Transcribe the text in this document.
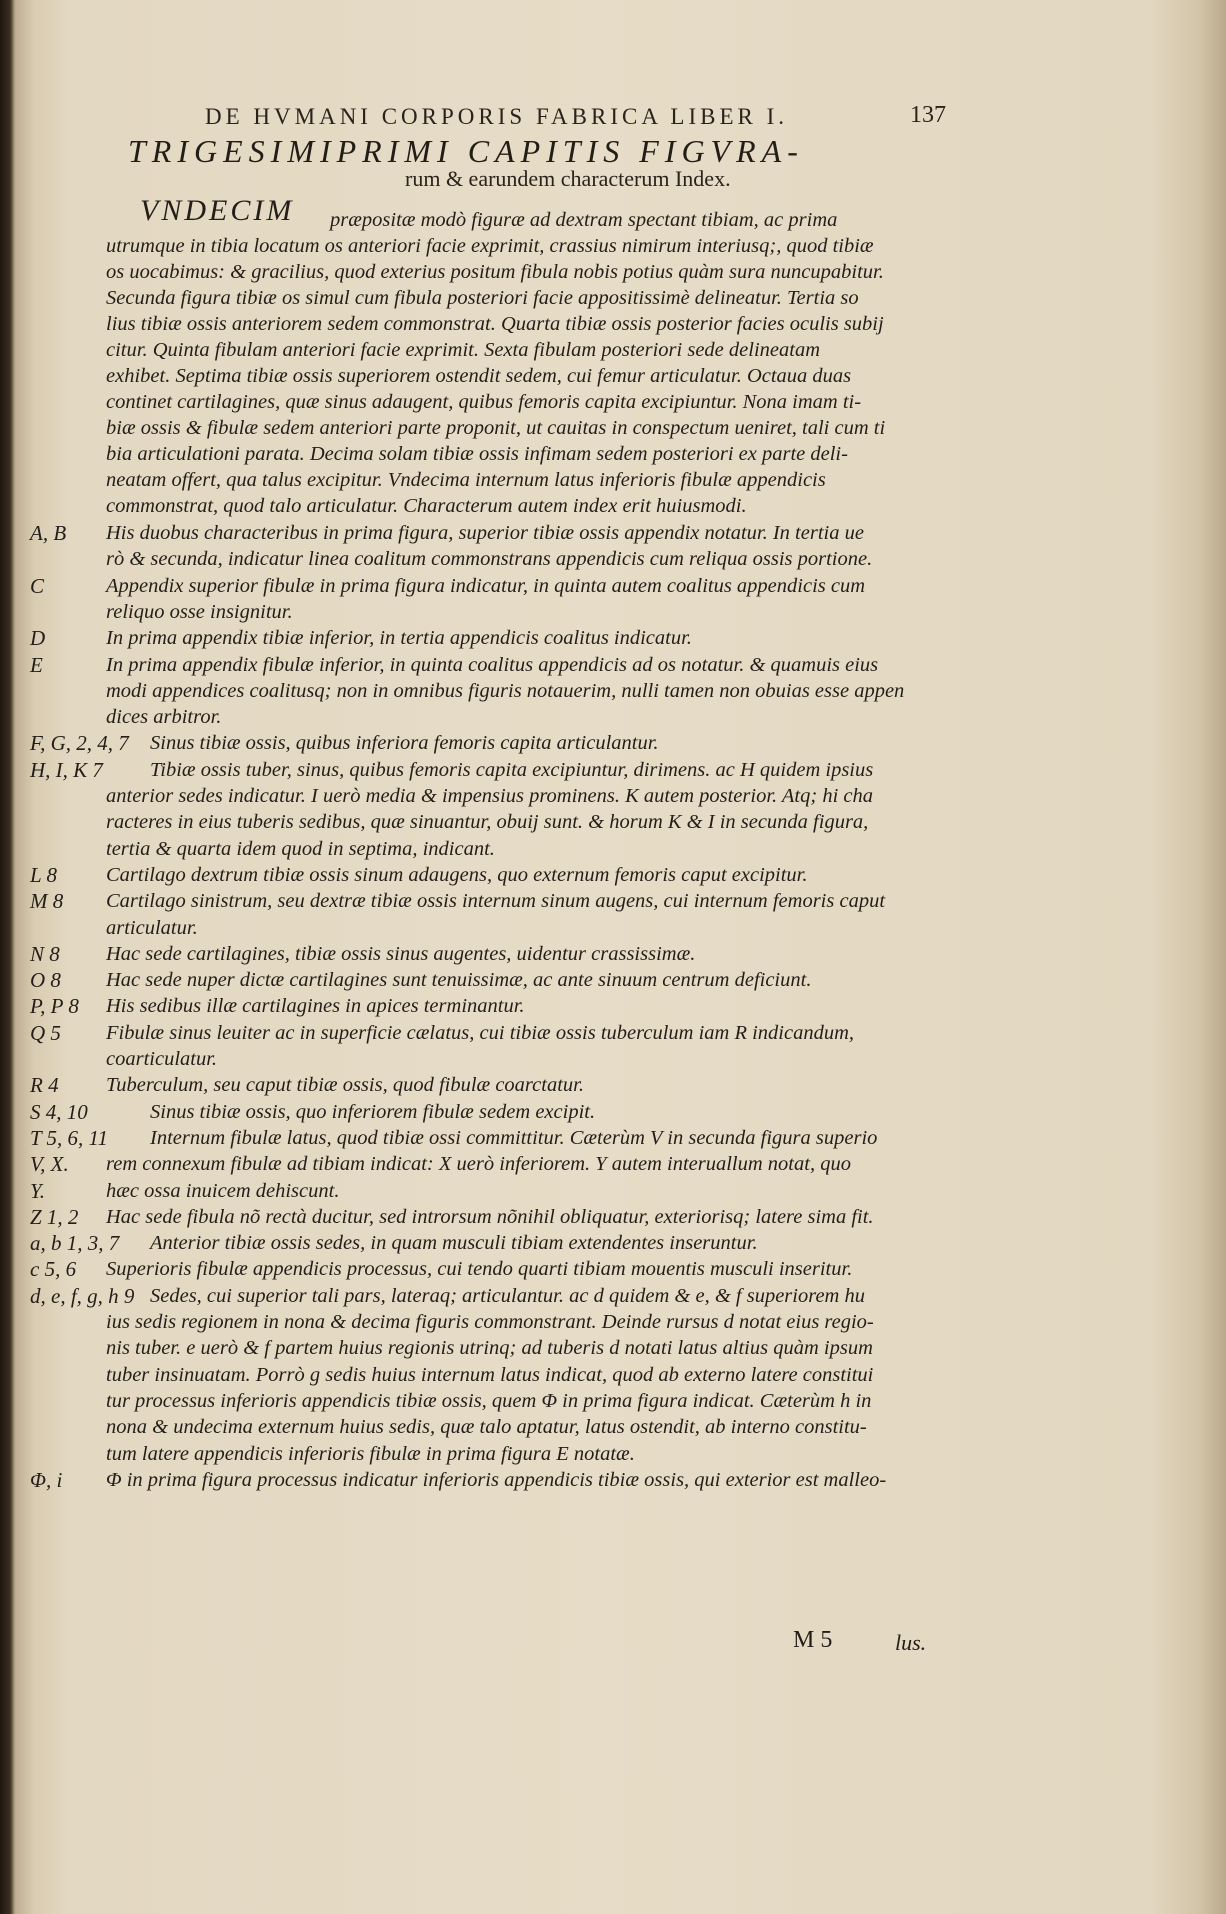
DE HVMANI CORPORIS FABRICA LIBER I.	137
TRIGESIMIPRIMI CAPITIS FIGVRA-
rum & earundem characterum Index.
VNDECIM præpositæ modò figuræ ad dextram spectant tibiam, ac prima
utrumque in tibia locatum os anteriori facie exprimit, crassius nimirum interiusq;, quod tibiæ
os uocabimus: & gracilius, quod exterius positum fibula nobis potius quàm sura nuncupabitur.
Secunda figura tibiæ os simul cum fibula posteriori facie appositissimè delineatur. Tertia so
lius tibiæ ossis anteriorem sedem commonstrat. Quarta tibiæ ossis posterior facies oculis subij
citur. Quinta fibulam anteriori facie exprimit. Sexta fibulam posteriori sede delineatam
exhibet. Septima tibiæ ossis superiorem ostendit sedem, cui femur articulatur. Octaua duas
continet cartilagines, quæ sinus adaugent, quibus femoris capita excipiuntur. Nona imam ti-
biæ ossis & fibulæ sedem anteriori parte proponit, ut cauitas in conspectum ueniret, tali cum ti
bia articulationi parata. Decima solam tibiæ ossis infimam sedem posteriori ex parte deli-
neatam offert, qua talus excipitur. Vndecima internum latus inferioris fibulæ appendicis
commonstrat, quod talo articulatur. Characterum autem index erit huiusmodi.
A, B	His duobus characteribus in prima figura, superior tibiæ ossis appendix notatur. In tertia ue
rò & secunda, indicatur linea coalitum commonstrans appendicis cum reliqua ossis portione.
C	Appendix superior fibulæ in prima figura indicatur, in quinta autem coalitus appendicis cum
reliquo osse insignitur.
D	In prima appendix tibiæ inferior, in tertia appendicis coalitus indicatur.
E	In prima appendix fibulæ inferior, in quinta coalitus appendicis ad os notatur. & quamuis eius
modi appendices coalitusq; non in omnibus figuris notauerim, nulli tamen non obuias esse appen
dices arbitror.
F, G, 2, 4, 7	Sinus tibiæ ossis, quibus inferiora femoris capita articulantur.
H, I, K 7	Tibiæ ossis tuber, sinus, quibus femoris capita excipiuntur, dirimens. ac H quidem ipsius
anterior sedes indicatur. I uerò media & impensius prominens. K autem posterior. Atq; hi cha
racteres in eius tuberis sedibus, quæ sinuantur, obuij sunt. & horum K & I in secunda figura,
tertia & quarta idem quod in septima, indicant.
L 8	Cartilago dextrum tibiæ ossis sinum adaugens, quo externum femoris caput excipitur.
M 8	Cartilago sinistrum, seu dextræ tibiæ ossis internum sinum augens, cui internum femoris caput
articulatur.
N 8	Hac sede cartilagines, tibiæ ossis sinus augentes, uidentur crassissimæ.
O 8	Hac sede nuper dictæ cartilagines sunt tenuissimæ, ac ante sinuum centrum deficiunt.
P, P 8	His sedibus illæ cartilagines in apices terminantur.
Q 5	Fibulæ sinus leuiter ac in superficie cælatus, cui tibiæ ossis tuberculum iam R indicandum,
coarticulatur.
R 4	Tuberculum, seu caput tibiæ ossis, quod fibulæ coarctatur.
S 4, 10	Sinus tibiæ ossis, quo inferiorem fibulæ sedem excipit.
T 5, 6, 11	Internum fibulæ latus, quod tibiæ ossi committitur. Cæterùm V in secunda figura superio
V, X.	rem connexum fibulæ ad tibiam indicat: X uerò inferiorem. Y autem interuallum notat, quo
Y.	hæc ossa inuicem dehiscunt.
Z 1, 2	Hac sede fibula nõ rectà ducitur, sed introrsum nõnihil obliquatur, exteriorisq; latere sima fit.
a, b 1, 3, 7	Anterior tibiæ ossis sedes, in quam musculi tibiam extendentes inseruntur.
c 5, 6	Superioris fibulæ appendicis processus, cui tendo quarti tibiam mouentis musculi inseritur.
d, e, f, g, h 9 Sedes, cui superior tali pars, lateraq; articulantur. ac d quidem & e, & f superiorem hu
ius sedis regionem in nona & decima figuris commonstrant. Deinde rursus d notat eius regio-
nis tuber. e uerò & f partem huius regionis utrinq; ad tuberis d notati latus altius quàm ipsum
tuber insinuatam. Porrò g sedis huius internum latus indicat, quod ab externo latere constitui
tur processus inferioris appendicis tibiæ ossis, quem Φ in prima figura indicat. Cæterùm h in
nona & undecima externum huius sedis, quæ talo aptatur, latus ostendit, ab interno constitu-
tum latere appendicis inferioris fibulæ in prima figura E notatæ.
Φ, i	Φ in prima figura processus indicatur inferioris appendicis tibiæ ossis, qui exterior est malleo-
M 5	lus.
